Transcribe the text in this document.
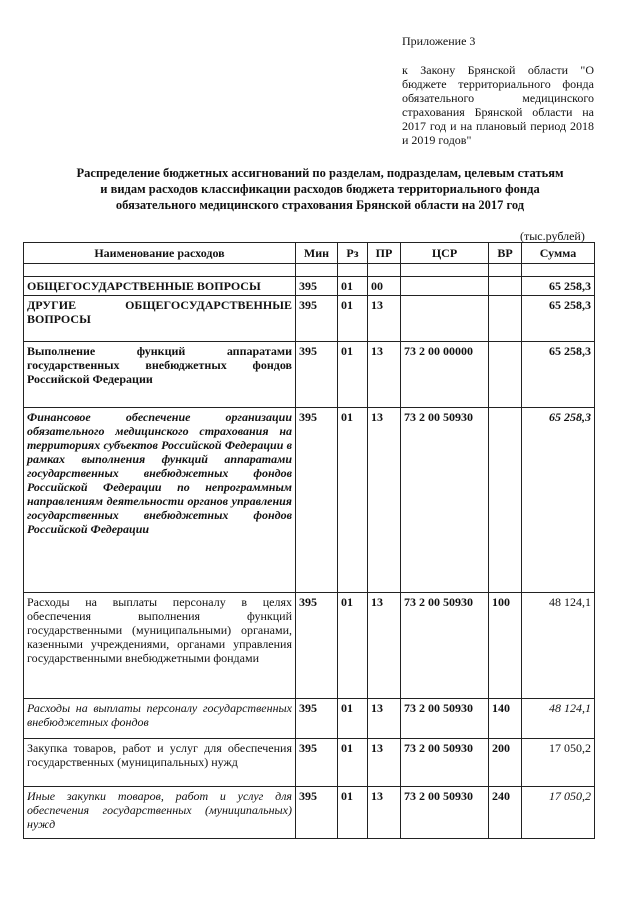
Приложение 3
к Закону Брянской области "О бюджете территориального фонда обязательного медицинского страхования Брянской области на 2017 год и на плановый период 2018 и 2019 годов"
Распределение бюджетных ассигнований по разделам, подразделам, целевым статьям
и видам расходов классификации расходов бюджета территориального фонда
обязательного медицинского страхования Брянской области на 2017 год
(тыс.рублей)
Наименование расходов	Мин	Рз	ПР	ЦСР	ВР	Сумма

ОБЩЕГОСУДАРСТВЕННЫЕ ВОПРОСЫ	395	01	00			65 258,3
ДРУГИЕ ОБЩЕГОСУДАРСТВЕННЫЕ ВОПРОСЫ	395	01	13			65 258,3
Выполнение функций аппаратами государственных внебюджетных фондов Российской Федерации	395	01	13	73 2 00 00000		65 258,3
Финансовое обеспечение организации обязательного медицинского страхования на территориях субъектов Российской Федерации в рамках выполнения функций аппаратами государственных внебюджетных фондов Российской Федерации по непрограммным направлениям деятельности органов управления государственных внебюджетных фондов Российской Федерации	395	01	13	73 2 00 50930		65 258,3
Расходы на выплаты персоналу в целях обеспечения выполнения функций государственными (муниципальными) органами, казенными учреждениями, органами управления государственными внебюджетными фондами	395	01	13	73 2 00 50930	100	48 124,1
Расходы на выплаты персоналу государственных внебюджетных фондов	395	01	13	73 2 00 50930	140	48 124,1
Закупка товаров, работ и услуг для обеспечения государственных (муниципальных) нужд	395	01	13	73 2 00 50930	200	17 050,2
Иные закупки товаров, работ и услуг для обеспечения государственных (муниципальных) нужд	395	01	13	73 2 00 50930	240	17 050,2
